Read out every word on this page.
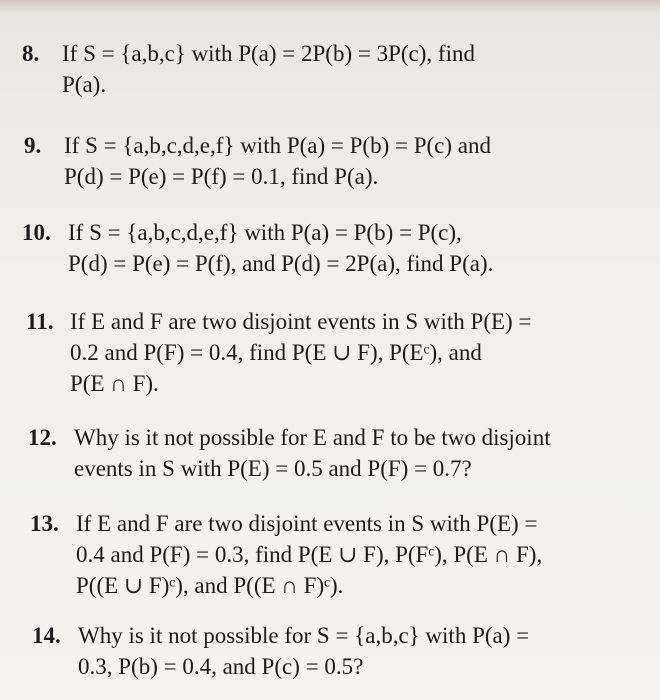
8. If S = {a,b,c} with P(a) = 2P(b) = 3P(c), find
P(a).
9. If S = {a,b,c,d,e,f} with P(a) = P(b) = P(c) and
P(d) = P(e) = P(f) = 0.1, find P(a).
10. If S = {a,b,c,d,e,f} with P(a) = P(b) = P(c),
P(d) = P(e) = P(f), and P(d) = 2P(a), find P(a).
11. If E and F are two disjoint events in S with P(E) =
0.2 and P(F) = 0.4, find P(E ∪ F), P(Eᶜ), and
P(E ∩ F).
12. Why is it not possible for E and F to be two disjoint
events in S with P(E) = 0.5 and P(F) = 0.7?
13. If E and F are two disjoint events in S with P(E) =
0.4 and P(F) = 0.3, find P(E ∪ F), P(Fᶜ), P(E ∩ F),
P((E ∪ F)ᶜ), and P((E ∩ F)ᶜ).
14. Why is it not possible for S = {a,b,c} with P(a) =
0.3, P(b) = 0.4, and P(c) = 0.5?
